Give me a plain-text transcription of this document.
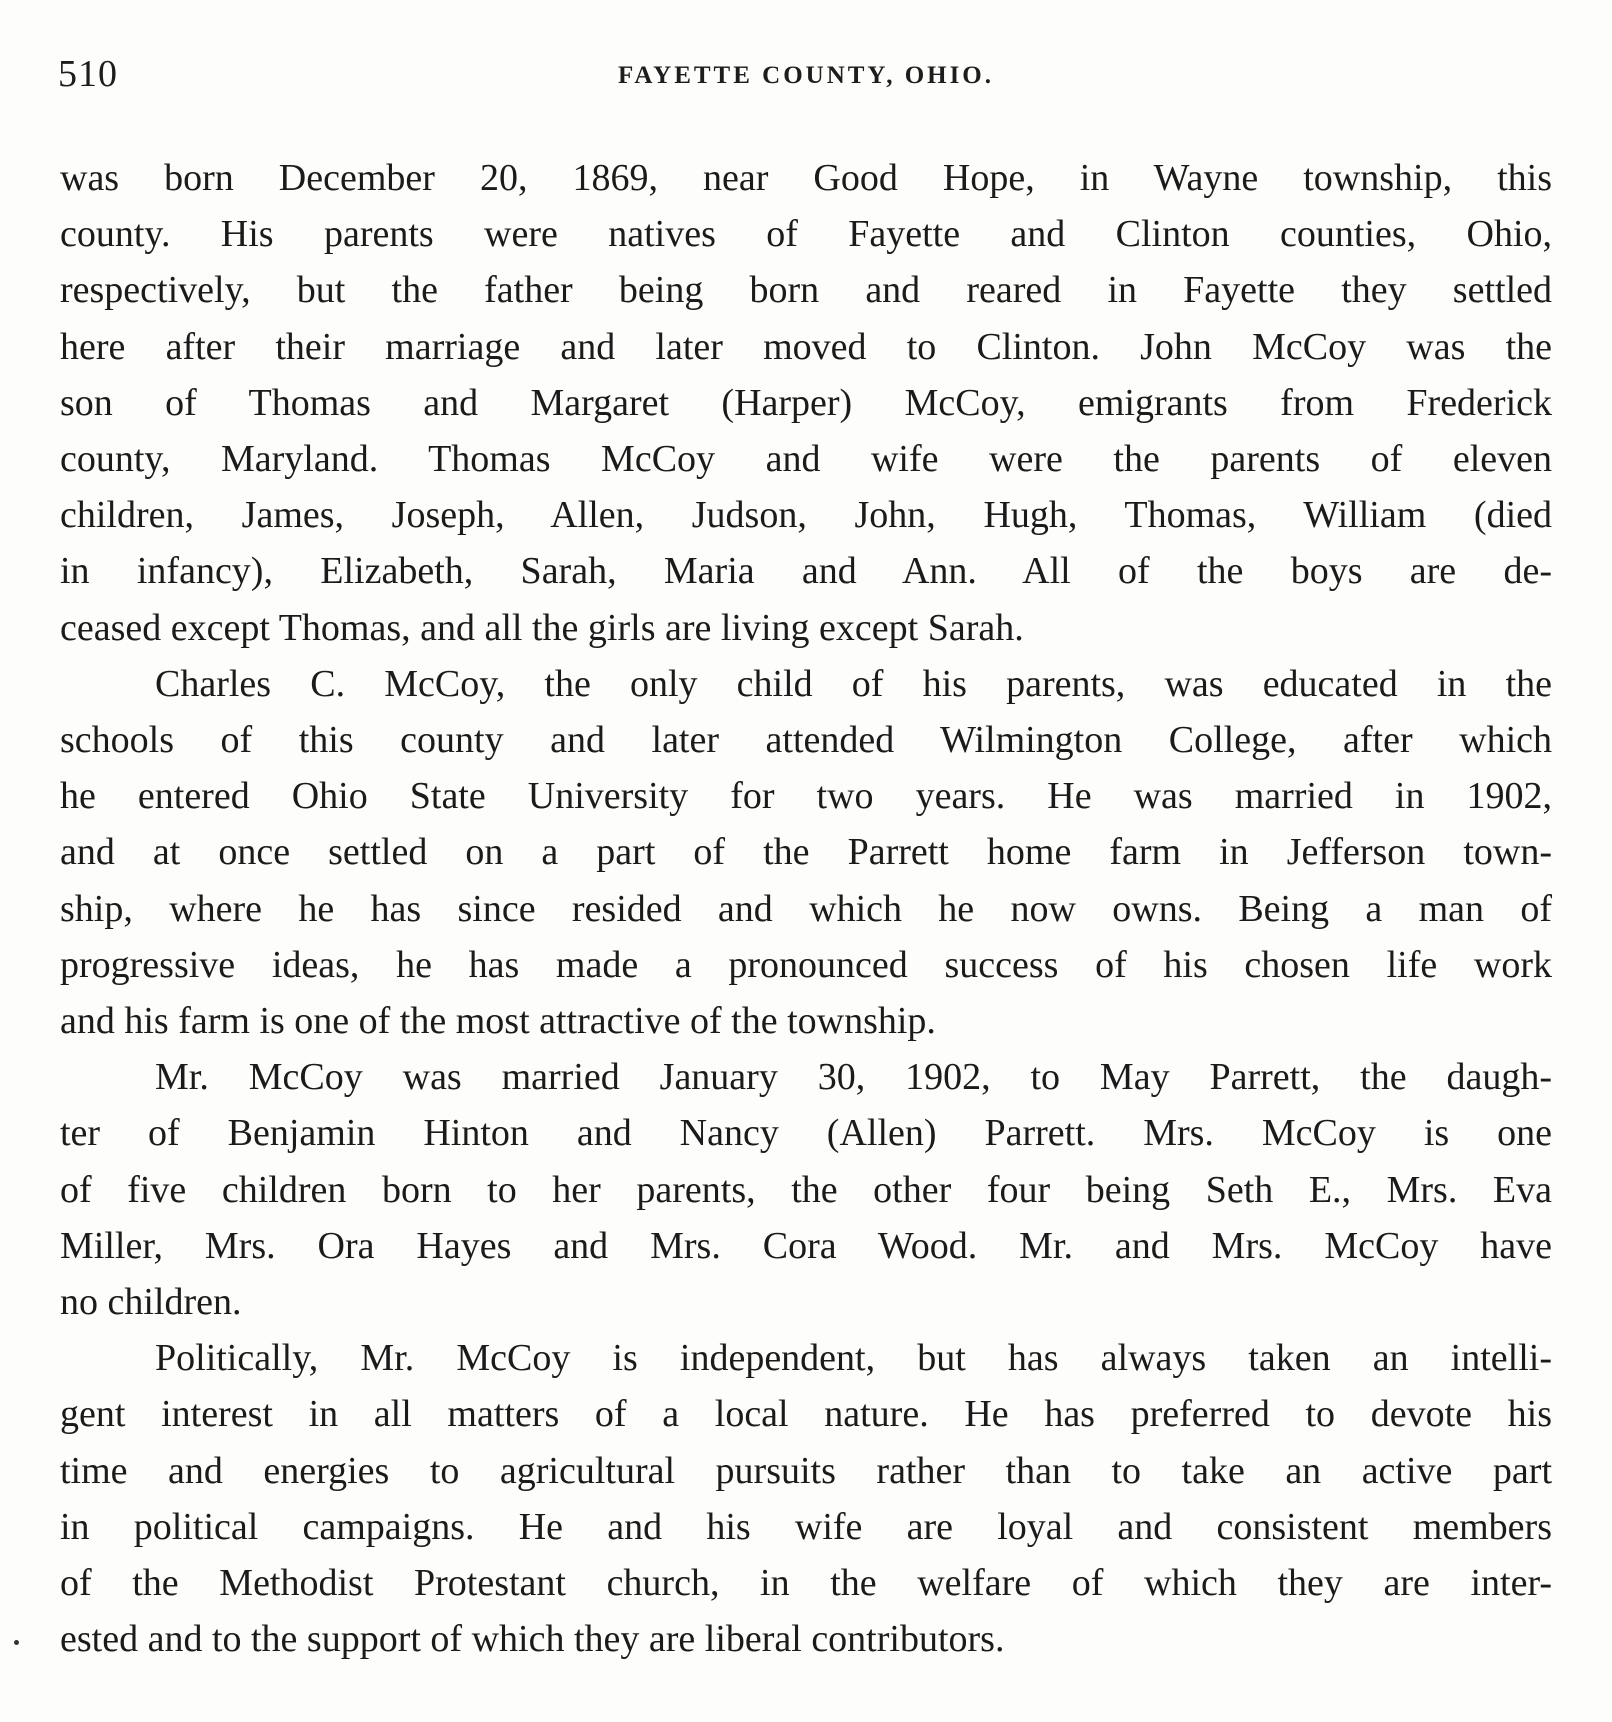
510	FAYETTE COUNTY, OHIO.
was born December 20, 1869, near Good Hope, in Wayne township, this
county. His parents were natives of Fayette and Clinton counties, Ohio,
respectively, but the father being born and reared in Fayette they settled
here after their marriage and later moved to Clinton. John McCoy was the
son of Thomas and Margaret (Harper) McCoy, emigrants from Frederick
county, Maryland. Thomas McCoy and wife were the parents of eleven
children, James, Joseph, Allen, Judson, John, Hugh, Thomas, William (died
in infancy), Elizabeth, Sarah, Maria and Ann. All of the boys are de-
ceased except Thomas, and all the girls are living except Sarah.
Charles C. McCoy, the only child of his parents, was educated in the
schools of this county and later attended Wilmington College, after which
he entered Ohio State University for two years. He was married in 1902,
and at once settled on a part of the Parrett home farm in Jefferson town-
ship, where he has since resided and which he now owns. Being a man of
progressive ideas, he has made a pronounced success of his chosen life work
and his farm is one of the most attractive of the township.
Mr. McCoy was married January 30, 1902, to May Parrett, the daugh-
ter of Benjamin Hinton and Nancy (Allen) Parrett. Mrs. McCoy is one
of five children born to her parents, the other four being Seth E., Mrs. Eva
Miller, Mrs. Ora Hayes and Mrs. Cora Wood. Mr. and Mrs. McCoy have
no children.
Politically, Mr. McCoy is independent, but has always taken an intelli-
gent interest in all matters of a local nature. He has preferred to devote his
time and energies to agricultural pursuits rather than to take an active part
in political campaigns. He and his wife are loyal and consistent members
of the Methodist Protestant church, in the welfare of which they are inter-
ested and to the support of which they are liberal contributors.
